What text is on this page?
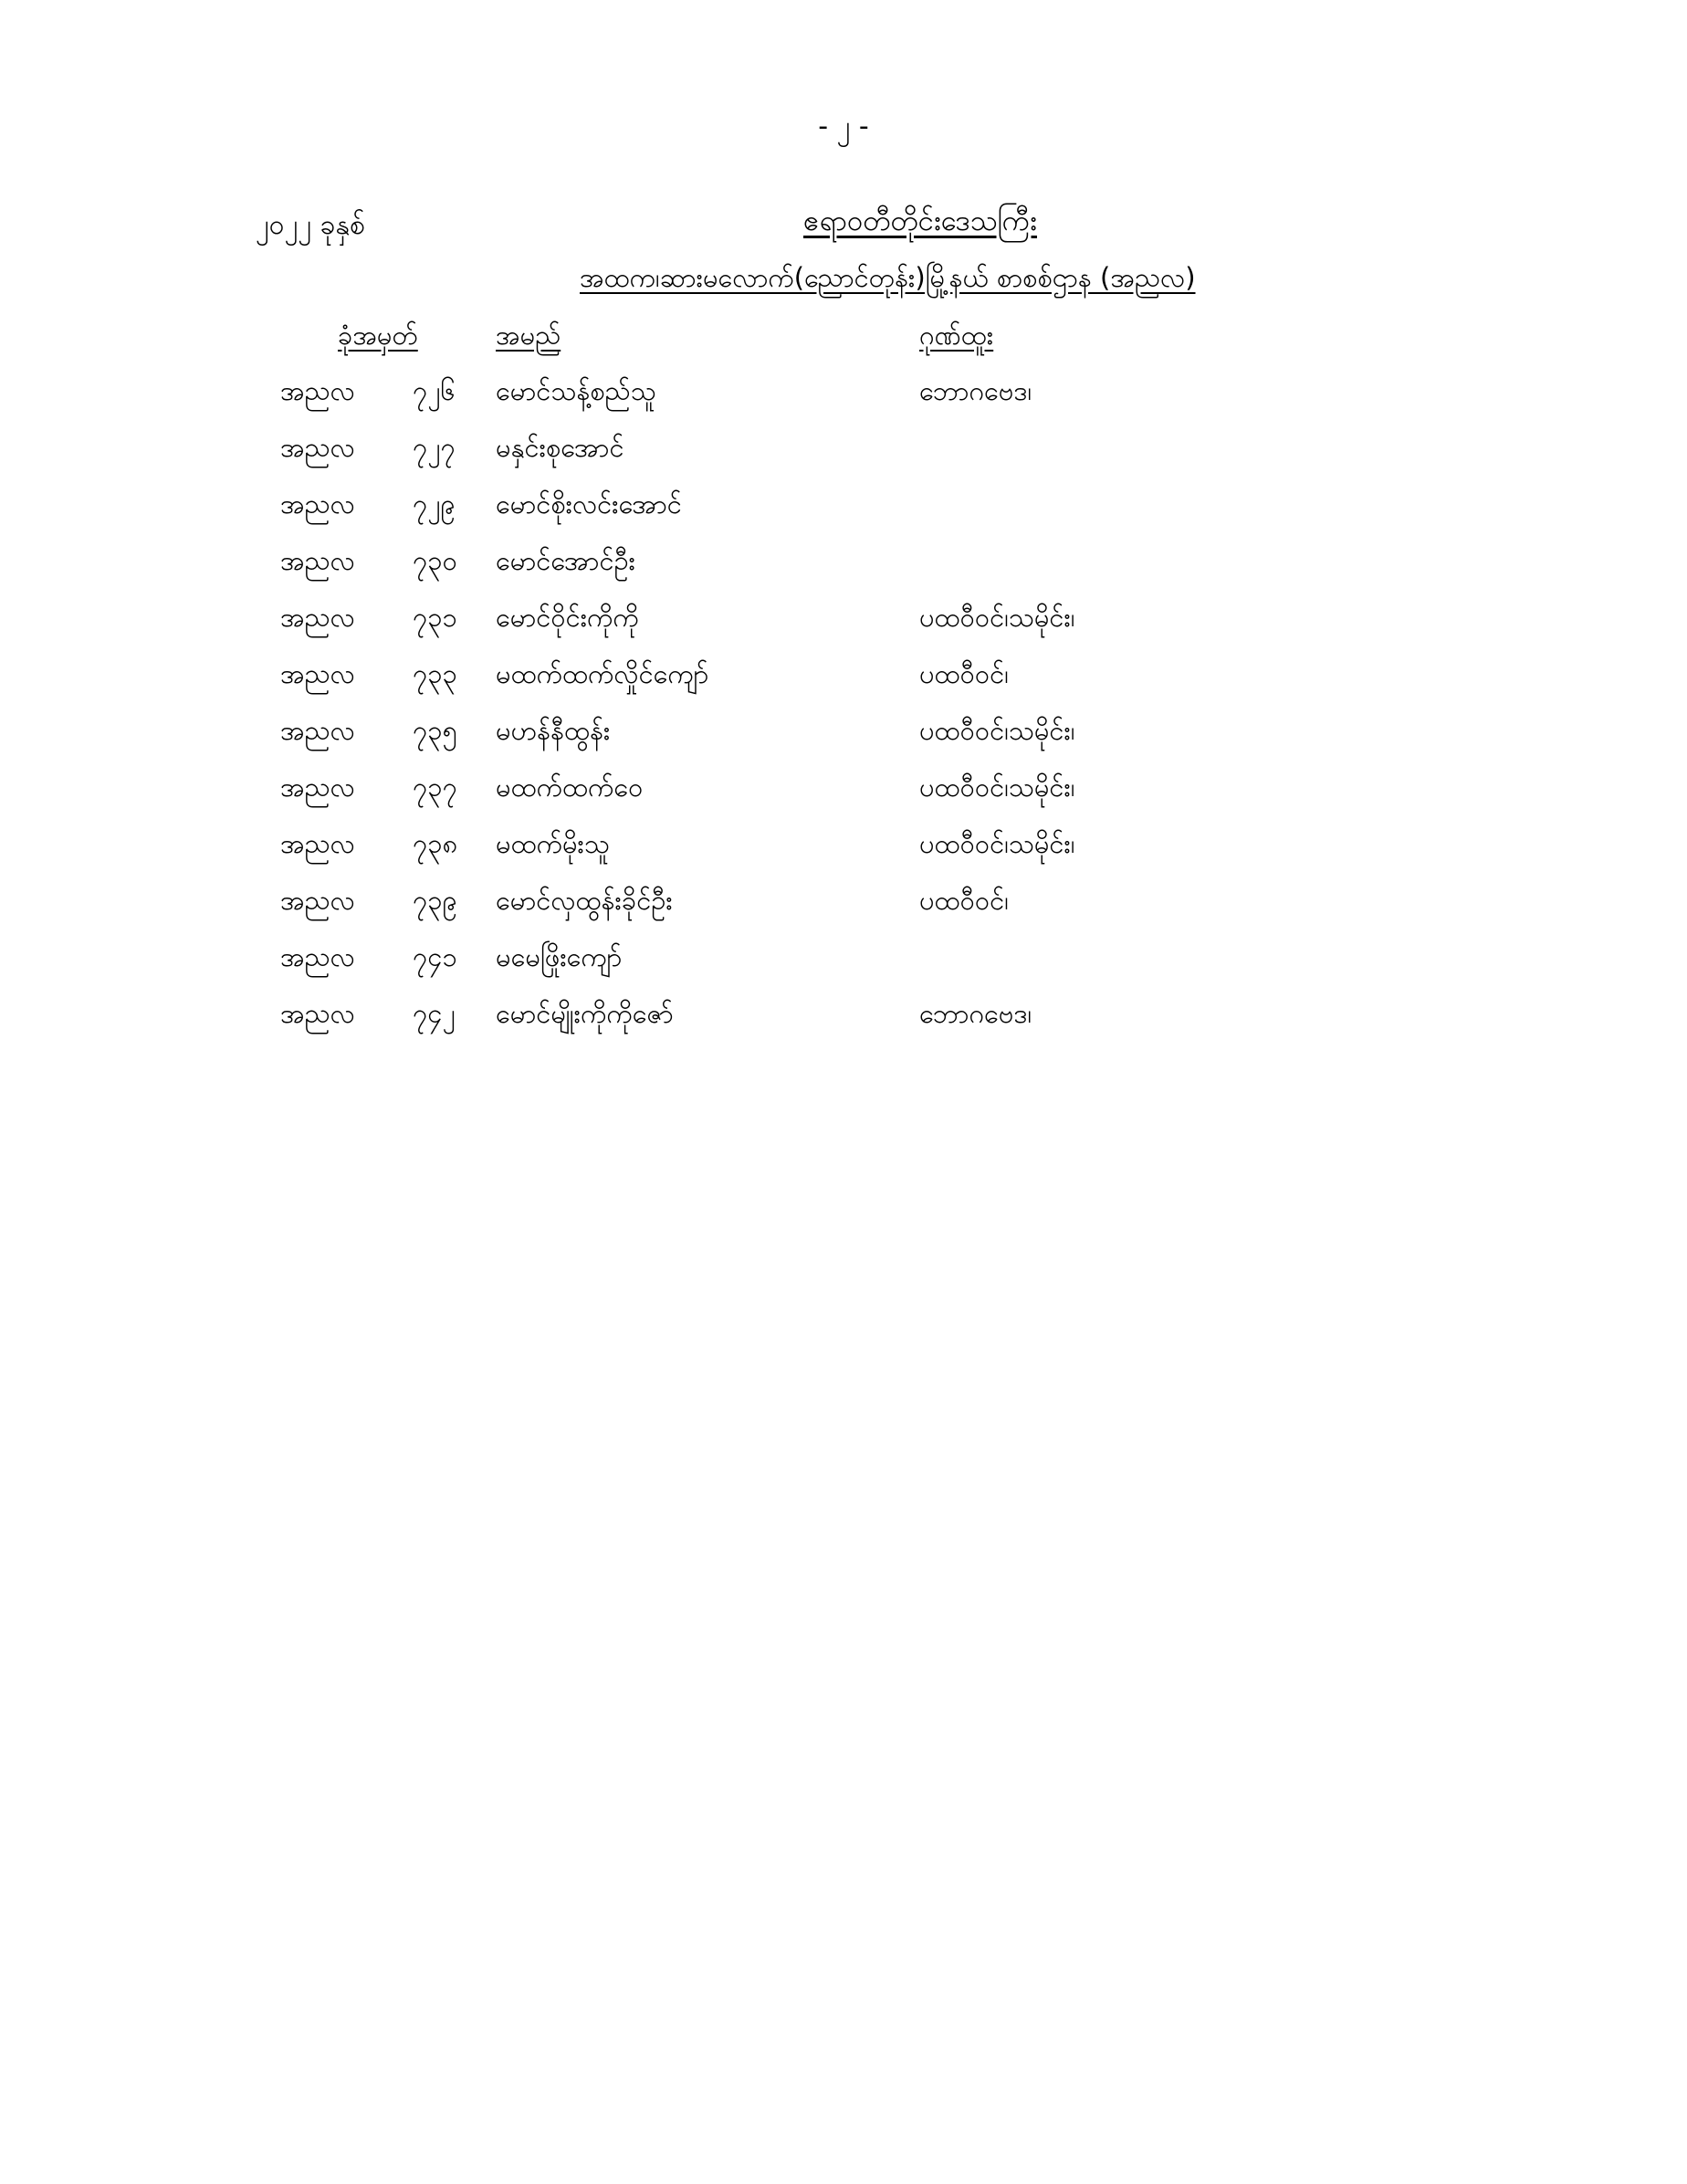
- ၂ -
၂၀၂၂ ခုနှစ်	ဧရာဝတီတိုင်းဒေသကြီး
အထက၊ဆားမလောက်(ညောင်တုန်း)မြို့နယ် စာစစ်ဌာန (အညလ)
ခုံအမှတ်	အမည်	ဂုဏ်ထူး
အညလ ၇၂၆ မောင်သန့်စည်သူ	ဘောဂဗေဒ၊
အညလ ၇၂၇ မနှင်းစုအောင်
အညလ ၇၂၉ မောင်စိုးလင်းအောင်
အညလ ၇၃၀ မောင်အောင်ဦး
အညလ ၇၃၁ မောင်ဝိုင်းကိုကို	ပထဝီဝင်၊သမိုင်း၊
အညလ ၇၃၃ မထက်ထက်လှိုင်ကျော်	ပထဝီဝင်၊
အညလ ၇၃၅ မဟန်နီထွန်း	ပထဝီဝင်၊သမိုင်း၊
အညလ ၇၃၇ မထက်ထက်ဝေ	ပထဝီဝင်၊သမိုင်း၊
အညလ ၇၃၈ မထက်မိုးသူ	ပထဝီဝင်၊သမိုင်း၊
အညလ ၇၃၉ မောင်လှထွန်းခိုင်ဦး	ပထဝီဝင်၊
အညလ ၇၄၁ မမေဖြိုးကျော်
အညလ ၇၄၂ မောင်မျိုးကိုကိုဇော်	ဘောဂဗေဒ၊
